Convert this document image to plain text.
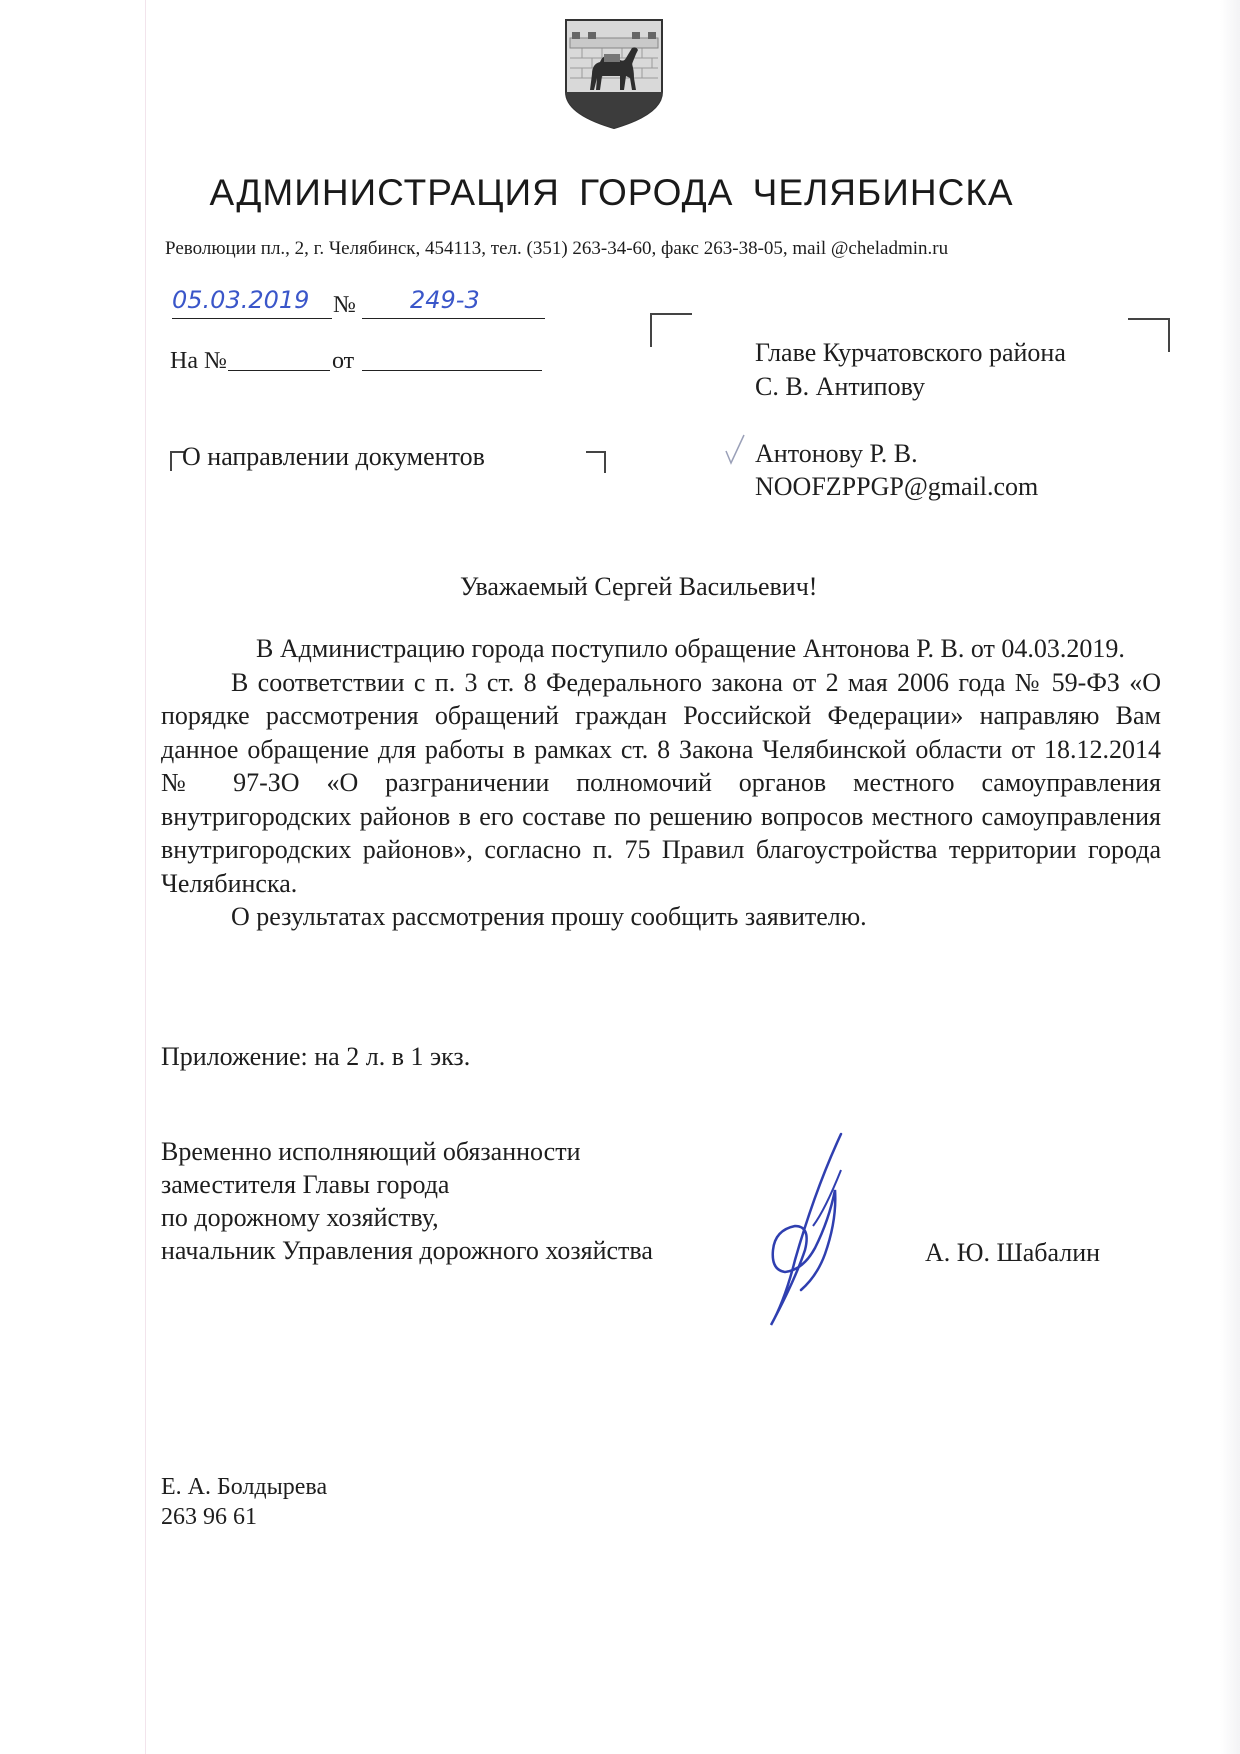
АДМИНИСТРАЦИЯ ГОРОДА ЧЕЛЯБИНСКА
Революции пл., 2, г. Челябинск, 454113, тел. (351) 263-34-60, факс 263-38-05, mail @cheladmin.ru
05.03.2019 № 249-3
На №	от	Главе Курчатовского района
С. В. Антипову
Антонову Р. В.
NOOFZPPGP@gmail.com
О направлении документов
Уважаемый Сергей Васильевич!

В Администрацию города поступило обращение Антонова Р. В. от 04.03.2019.

В соответствии с п. 3 ст. 8 Федерального закона от 2 мая 2006 года № 59-ФЗ «О порядке рассмотрения обращений граждан Российской Федерации» направляю Вам данное обращение для работы в рамках ст. 8 Закона Челябинской области от 18.12.2014 № 97-ЗО «О разграничении полномочий органов местного самоуправления внутригородских районов в его составе по решению вопросов местного самоуправления внутригородских районов», согласно п. 75 Правил благоустройства территории города Челябинска.

О результатах рассмотрения прошу сообщить заявителю.

Приложение: на 2 л. в 1 экз.
Временно исполняющий обязанности
заместителя Главы города
по дорожному хозяйству,
начальник Управления дорожного хозяйства	А. Ю. Шабалин
Е. А. Болдырева
263 96 61
